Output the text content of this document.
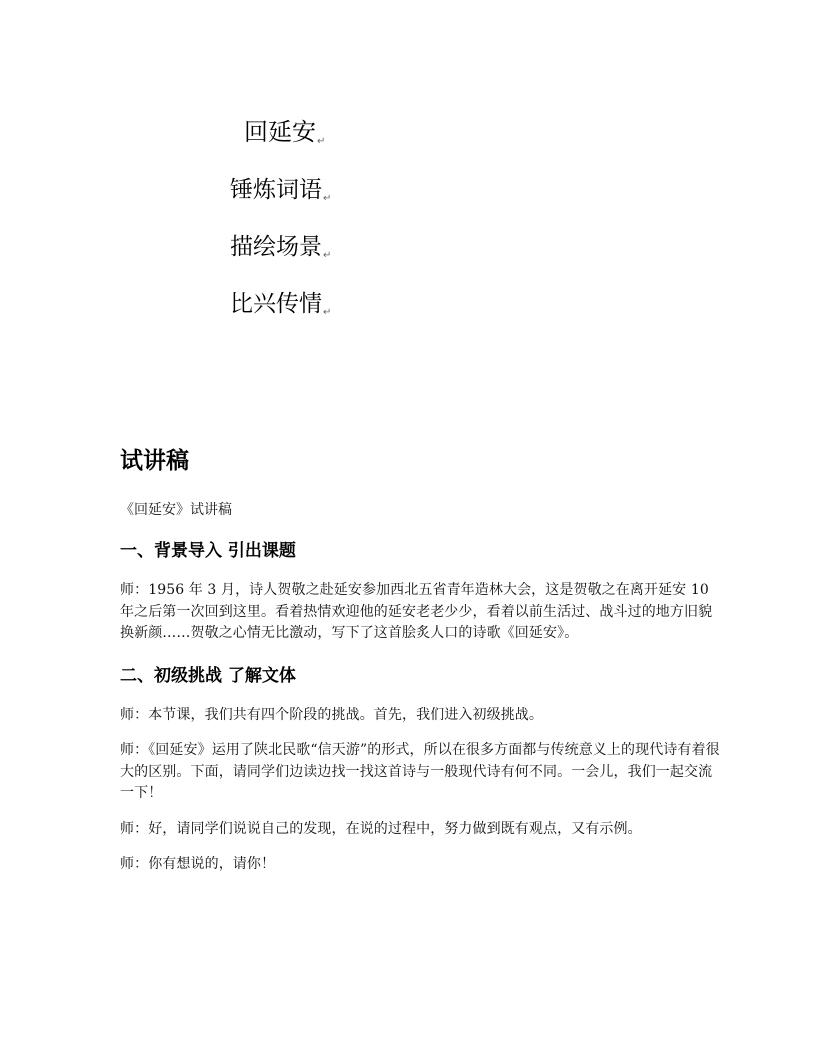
回延安↵
锤炼词语↵
描绘场景↵
比兴传情↵
试讲稿

《回延安》试讲稿

一、背景导入 引出课题

师：1956 年 3 月，诗人贺敬之赴延安参加西北五省青年造林大会，这是贺敬之在离开延安 10 年之后第一次回到这里。看着热情欢迎他的延安老老少少，看着以前生活过、战斗过的地方旧貌换新颜……贺敬之心情无比激动，写下了这首脍炙人口的诗歌《回延安》。

二、初级挑战 了解文体

师：本节课，我们共有四个阶段的挑战。首先，我们进入初级挑战。

师：《回延安》运用了陕北民歌“信天游”的形式，所以在很多方面都与传统意义上的现代诗有着很大的区别。下面，请同学们边读边找一找这首诗与一般现代诗有何不同。一会儿，我们一起交流一下！

师：好，请同学们说说自己的发现，在说的过程中，努力做到既有观点，又有示例。

师：你有想说的，请你！
